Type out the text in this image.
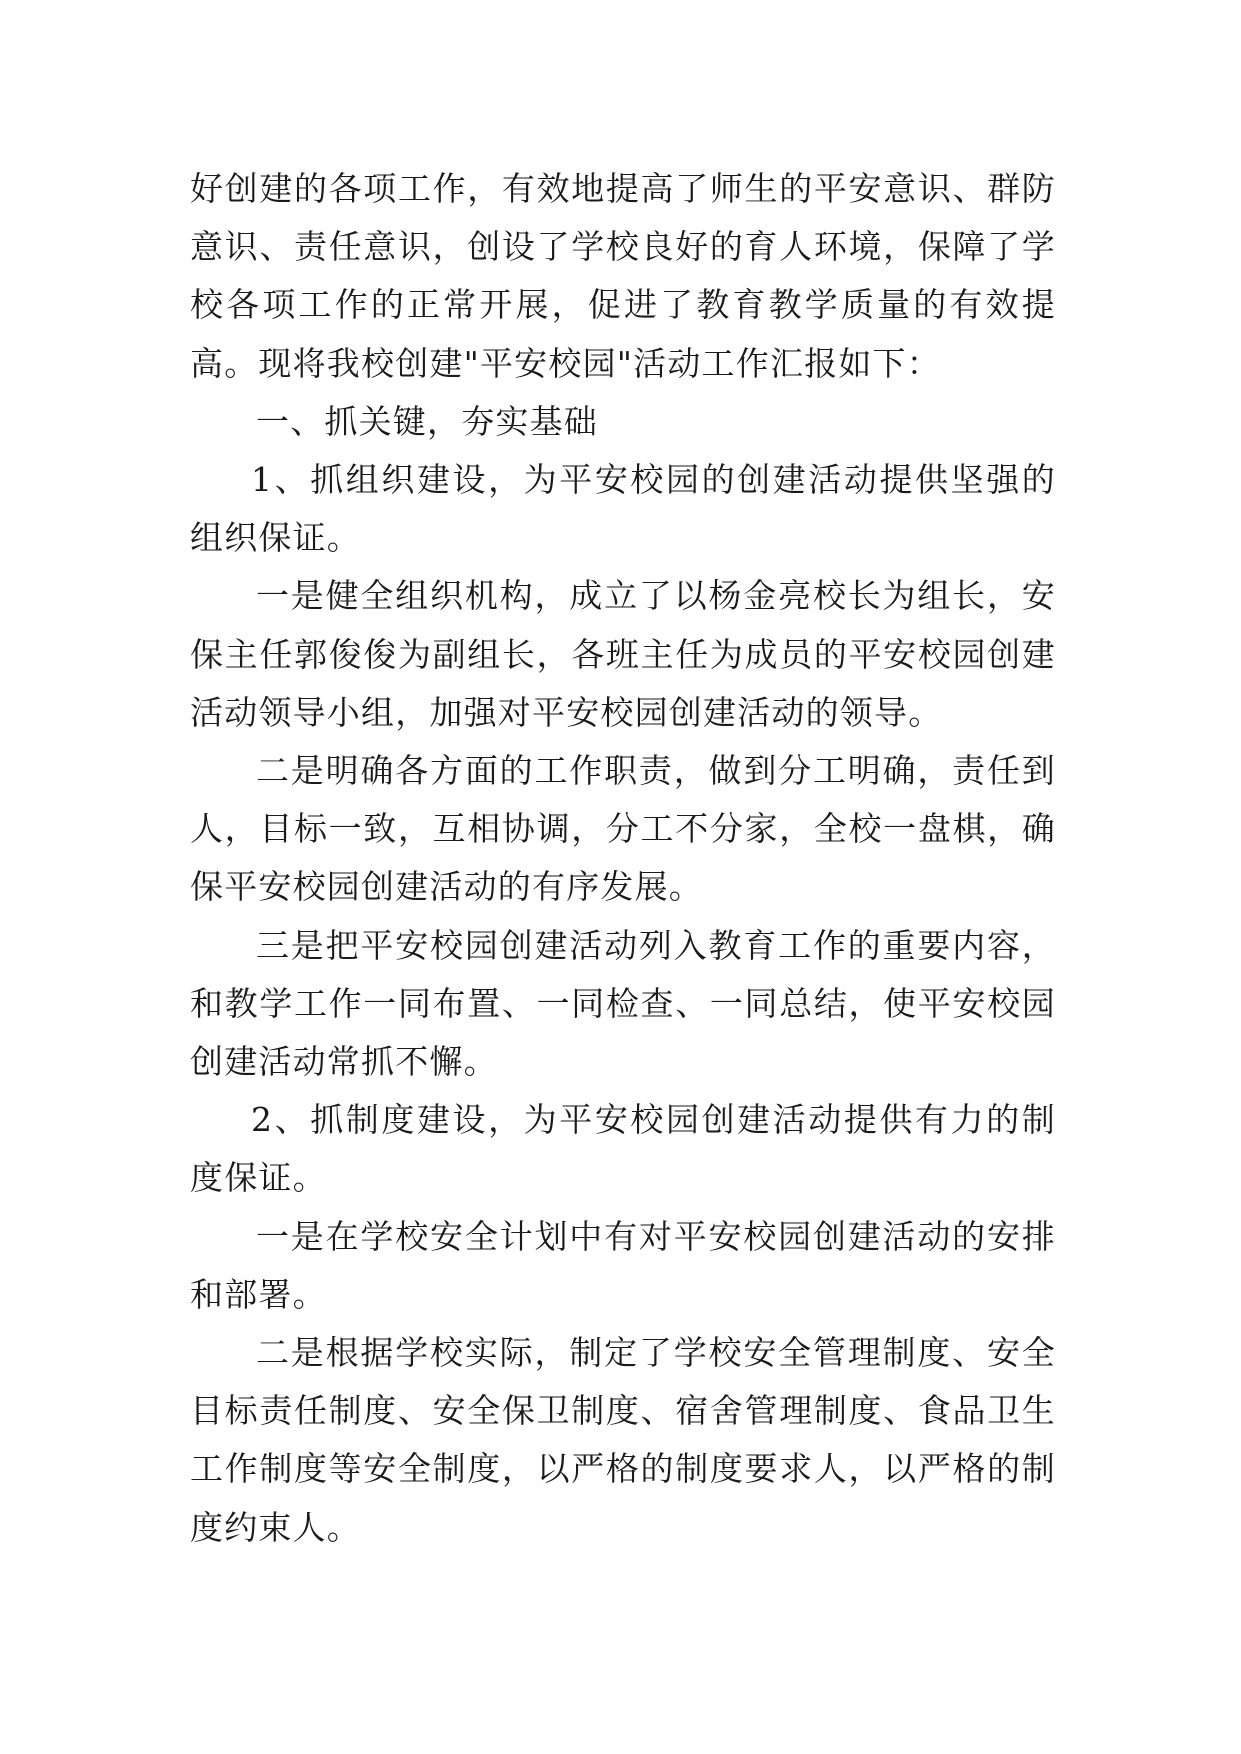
好创建的各项工作，有效地提高了师生的平安意识、群防意识、责任意识，创设了学校良好的育人环境，保障了学校各项工作的正常开展，促进了教育教学质量的有效提高。现将我校创建"平安校园"活动工作汇报如下：

一、抓关键，夯实基础

1、抓组织建设，为平安校园的创建活动提供坚强的组织保证。

一是健全组织机构，成立了以杨金亮校长为组长，安保主任郭俊俊为副组长，各班主任为成员的平安校园创建活动领导小组，加强对平安校园创建活动的领导。

二是明确各方面的工作职责，做到分工明确，责任到人，目标一致，互相协调，分工不分家，全校一盘棋，确保平安校园创建活动的有序发展。

三是把平安校园创建活动列入教育工作的重要内容，和教学工作一同布置、一同检查、一同总结，使平安校园创建活动常抓不懈。

2、抓制度建设，为平安校园创建活动提供有力的制度保证。

一是在学校安全计划中有对平安校园创建活动的安排和部署。

二是根据学校实际，制定了学校安全管理制度、安全目标责任制度、安全保卫制度、宿舍管理制度、食品卫生工作制度等安全制度，以严格的制度要求人，以严格的制度约束人。
